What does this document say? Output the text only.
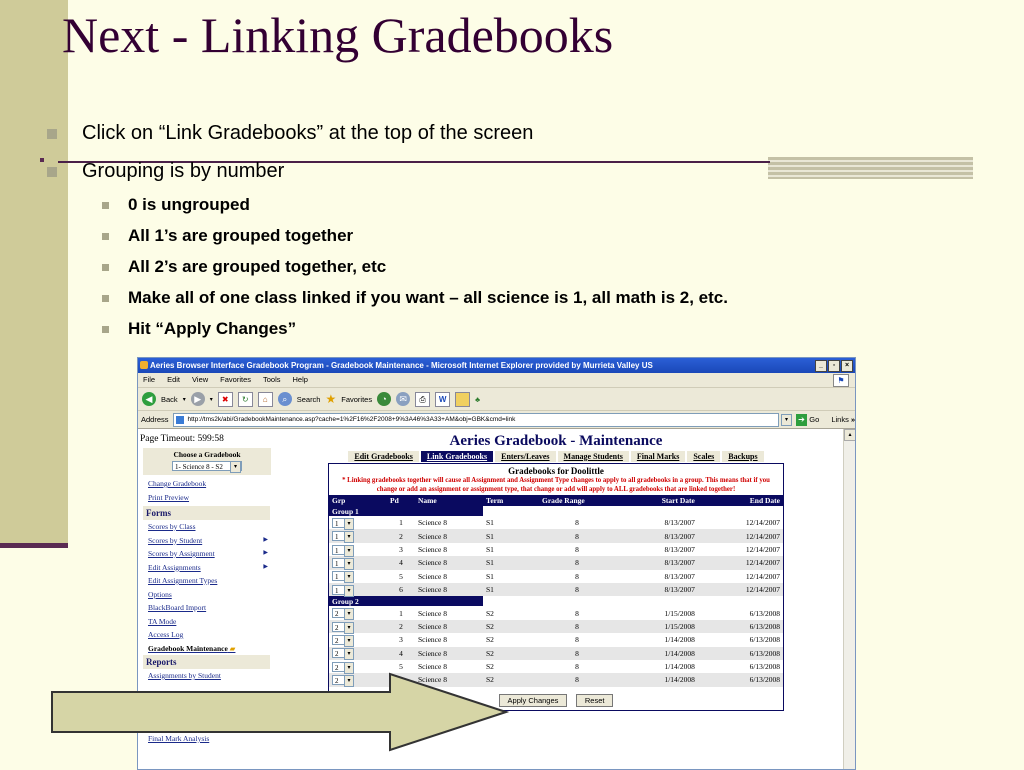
Next - Linking Gradebooks
Click on “Link Gradebooks” at the top of the screen
Grouping is by number
0 is ungrouped
All 1’s are grouped together
All 2’s are grouped together, etc
Make all of one class linked if you want – all science is 1, all math is 2, etc.
Hit “Apply Changes”
Aeries Browser Interface Gradebook Program - Gradebook Maintenance - Microsoft Internet Explorer provided by Murrieta Valley US	_	▫	×
File Edit View Favorites Tools Help	⚑
◀	Back ▾ ▶	▾	✖	↻	⌂	⌕	Search ★ Favorites	◔	✉	⎙	W	♣
Address	http://tms2k/abi/GradebookMaintenance.asp?cache=1%2F16%2F2008+9%3A46%3A33+AM&obj=GBK&cmd=link	▾	➔ Go Links »
Page Timeout: 599:58
Choose a Gradebook
1- Science 8 - S2	▾
Change Gradebook
Print Preview
Forms
Scores by Class
Scores by Student	▶
Scores by Assignment	▶
Edit Assignments	▶
Edit Assignment Types
Options
BlackBoard Import
TA Mode
Access Log
Gradebook Maintenance ▰
Reports
Assignments by Student
Final Mark Analysis
Aeries Gradebook - Maintenance
Edit Gradebooks	Link Gradebooks	Enters/Leaves	Manage Students	Final Marks	Scales	Backups
Gradebooks for Doolittle
* Linking gradebooks together will cause all Assignment and Assignment Type changes to apply to all gradebooks in a group. This means that if you change or add an assignment or assignment type, that change or add will apply to ALL gradebooks that are linked together!
Grp	Pd	Name	Term	Grade Range	Start Date	End Date
Group 1						
1 ▾	1	Science 8	S1	8	8/13/2007	12/14/2007
1 ▾	2	Science 8	S1	8	8/13/2007	12/14/2007
1 ▾	3	Science 8	S1	8	8/13/2007	12/14/2007
1 ▾	4	Science 8	S1	8	8/13/2007	12/14/2007
1 ▾	5	Science 8	S1	8	8/13/2007	12/14/2007
1 ▾	6	Science 8	S1	8	8/13/2007	12/14/2007
Group 2						
2 ▾	1	Science 8	S2	8	1/15/2008	6/13/2008
2 ▾	2	Science 8	S2	8	1/15/2008	6/13/2008
2 ▾	3	Science 8	S2	8	1/14/2008	6/13/2008
2 ▾	4	Science 8	S2	8	1/14/2008	6/13/2008
2 ▾	5	Science 8	S2	8	1/14/2008	6/13/2008
2 ▾		Science 8	S2	8	1/14/2008	6/13/2008
Apply Changes	Reset
▴
